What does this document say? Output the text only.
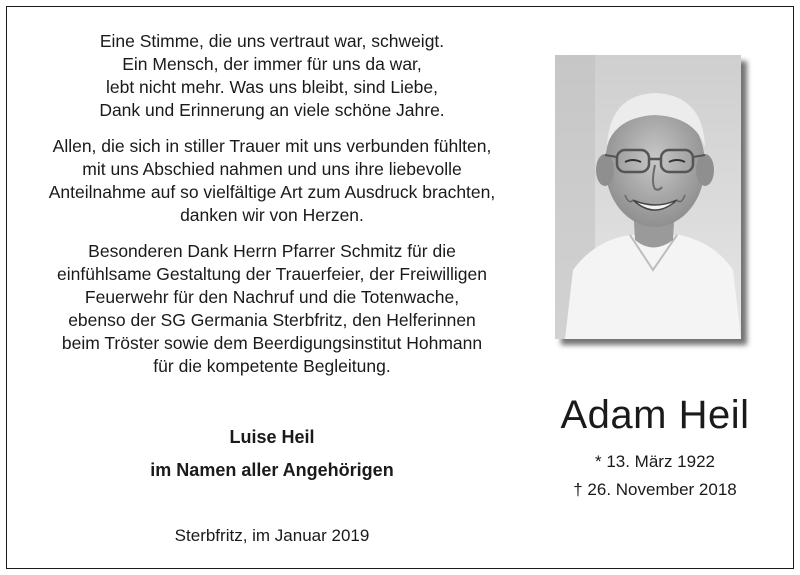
Eine Stimme, die uns vertraut war, schweigt.
Ein Mensch, der immer für uns da war,
lebt nicht mehr. Was uns bleibt, sind Liebe,
Dank und Erinnerung an viele schöne Jahre.

Allen, die sich in stiller Trauer mit uns verbunden fühlten,
mit uns Abschied nahmen und uns ihre liebevolle
Anteilnahme auf so vielfältige Art zum Ausdruck brachten,
danken wir von Herzen.

Besonderen Dank Herrn Pfarrer Schmitz für die
einfühlsame Gestaltung der Trauerfeier, der Freiwilligen
Feuerwehr für den Nachruf und die Totenwache,
ebenso der SG Germania Sterbfritz, den Helferinnen
beim Tröster sowie dem Beerdigungsinstitut Hohmann
für die kompetente Begleitung.

Luise Heil
im Namen aller Angehörigen
Sterbfritz, im Januar 2019
Adam Heil
* 13. März 1922
† 26. November 2018
